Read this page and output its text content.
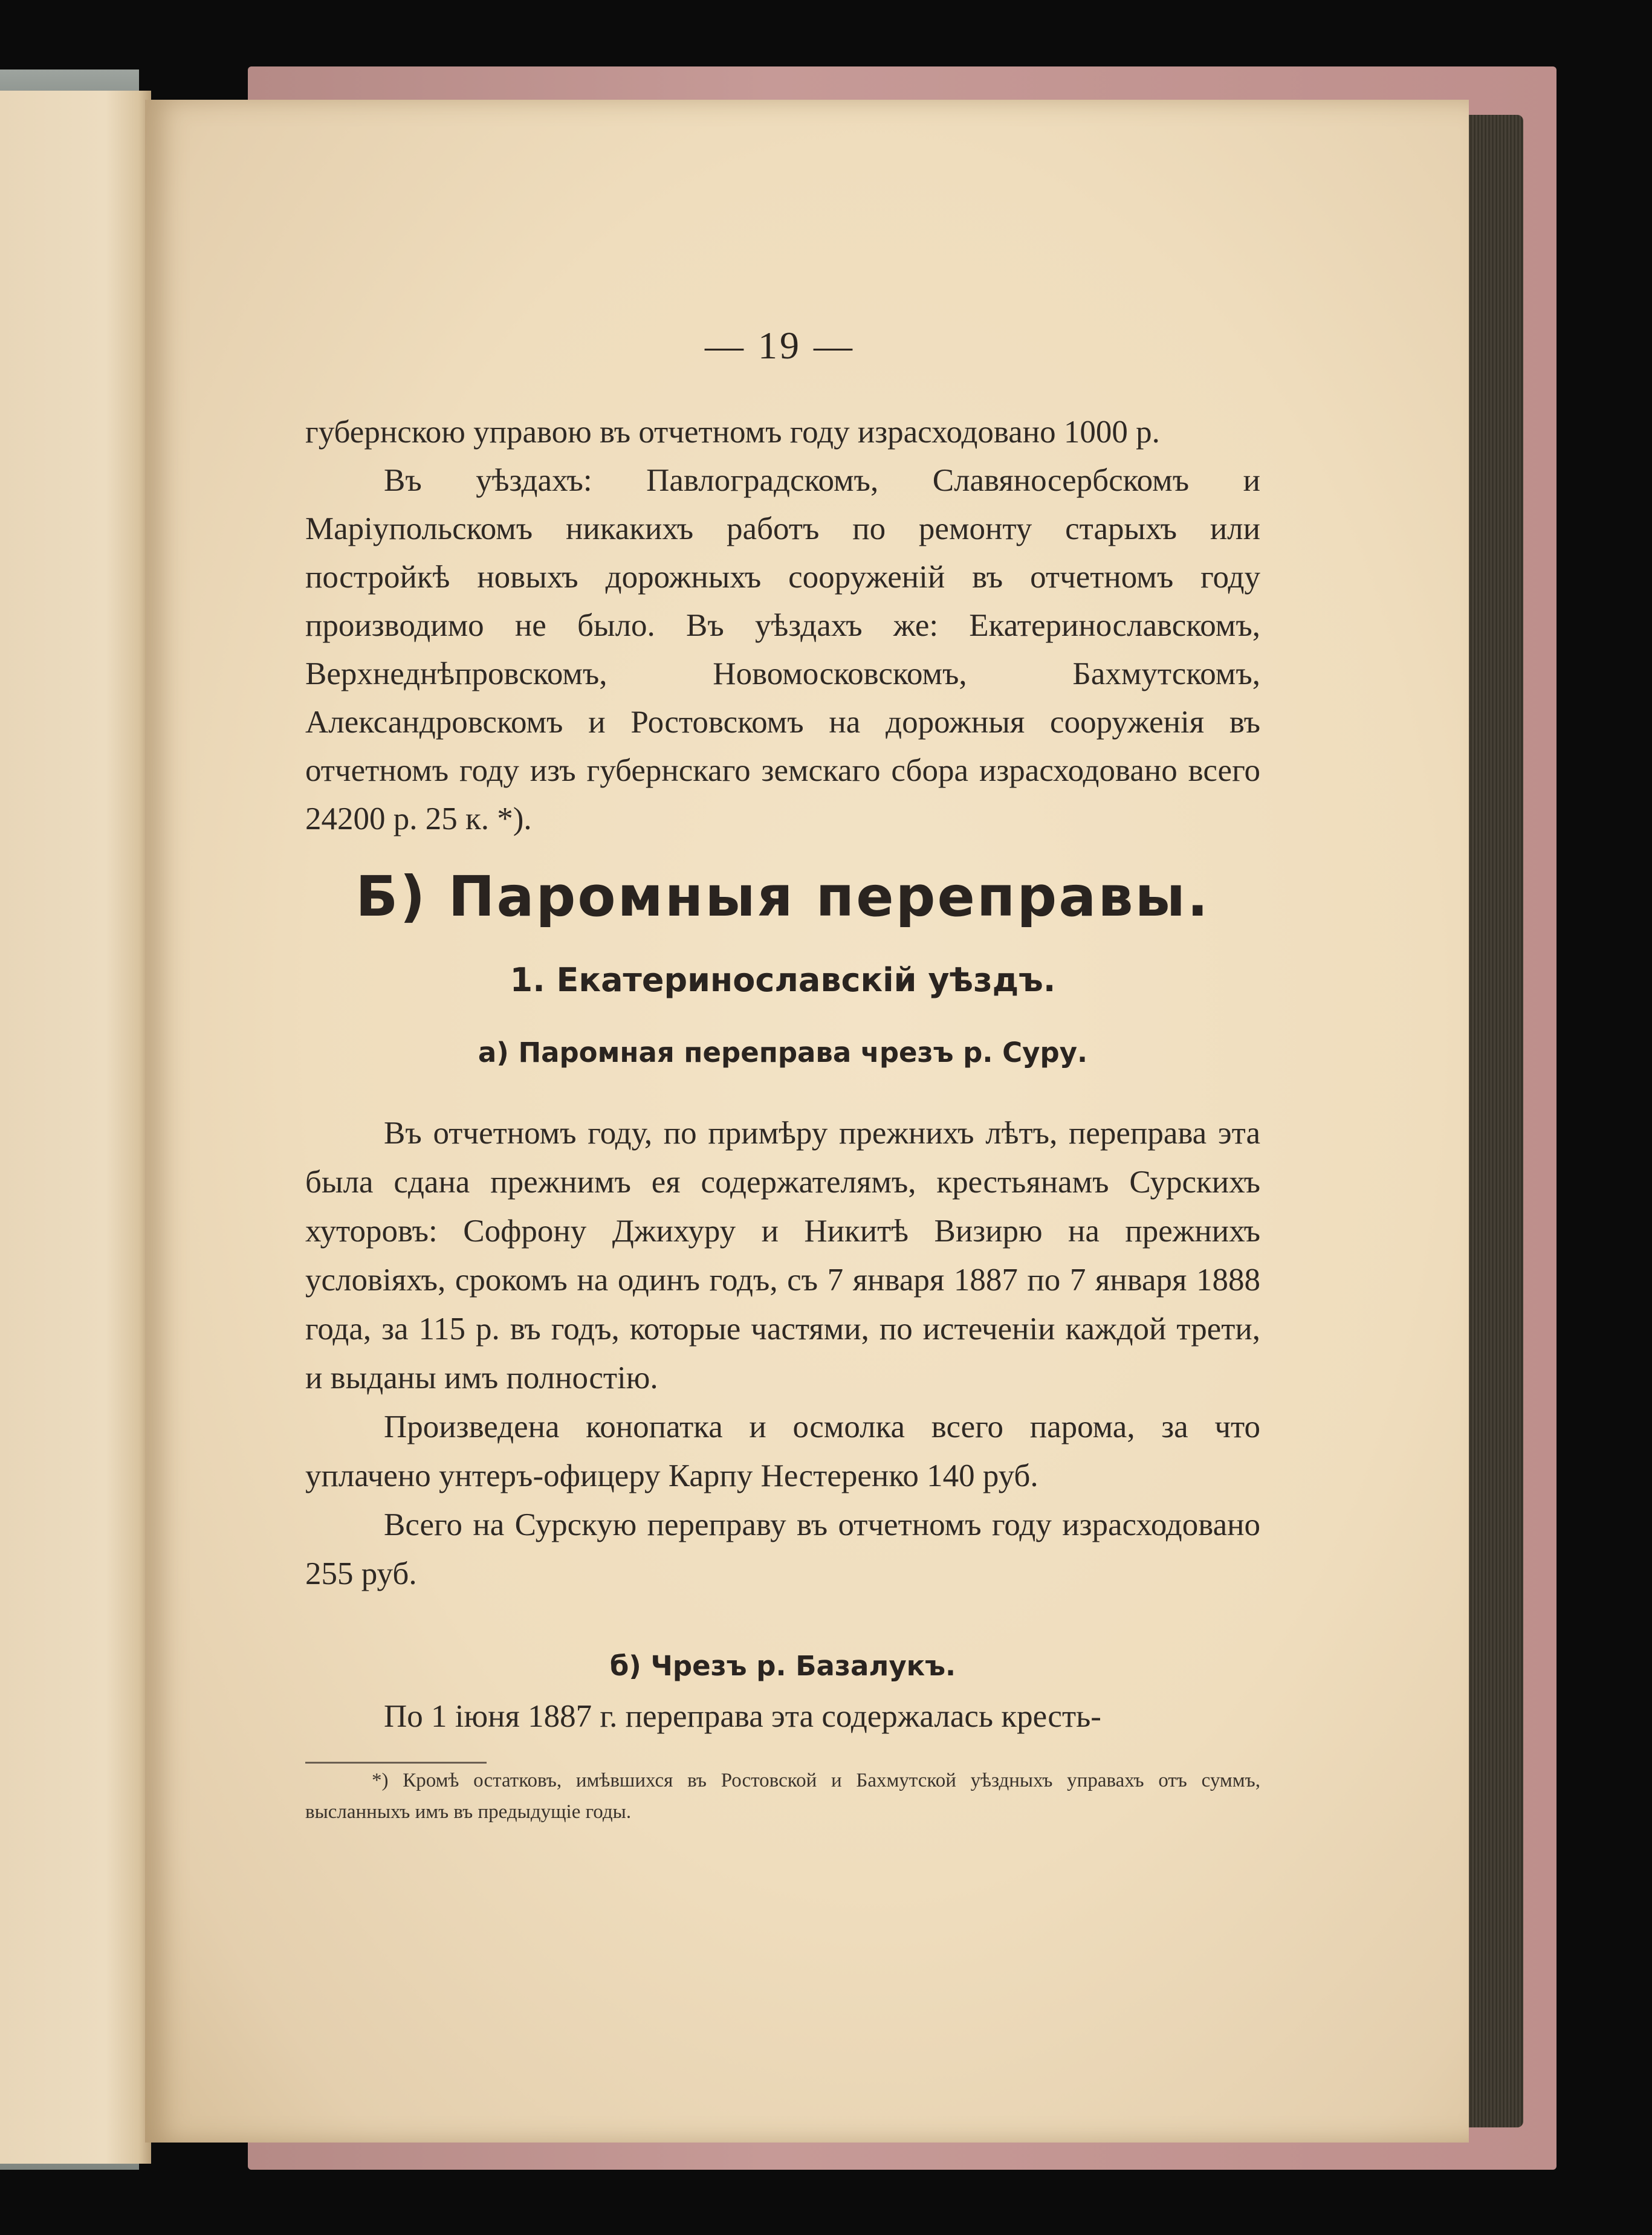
— 19 —

губернскою управою въ отчетномъ году израсходовано 1000 р.

Въ уѣздахъ: Павлоградскомъ, Славяносербскомъ и Маріупольскомъ никакихъ работъ по ремонту старыхъ или постройкѣ новыхъ дорожныхъ сооруженій въ отчетномъ году производимо не было. Въ уѣздахъ же: Екатеринославскомъ, Верхнеднѣпровскомъ, Новомосковскомъ, Бахмутскомъ, Александровскомъ и Ростовскомъ на дорожныя сооруженія въ отчетномъ году изъ губернскаго земскаго сбора израсходовано всего 24200 р. 25 к. *).

Б) Паромныя переправы.
1. Екатеринославскій уѣздъ.
а) Паромная переправа чрезъ р. Суру.

Въ отчетномъ году, по примѣру прежнихъ лѣтъ, переправа эта была сдана прежнимъ ея содержателямъ, крестьянамъ Сурскихъ хуторовъ: Софрону Джихуру и Никитѣ Визирю на прежнихъ условіяхъ, срокомъ на одинъ годъ, съ 7 января 1887 по 7 января 1888 года, за 115 р. въ годъ, которые частями, по истеченіи каждой трети, и выданы имъ полностію.

Произведена конопатка и осмолка всего парома, за что уплачено унтеръ-офицеру Карпу Нестеренко 140 руб.

Всего на Сурскую переправу въ отчетномъ году израсходовано 255 руб.

б) Чрезъ р. Базалукъ.
По 1 іюня 1887 г. переправа эта содержалась кресть-

*) Кромѣ остатковъ, имѣвшихся въ Ростовской и Бахмутской уѣздныхъ управахъ отъ суммъ, высланныхъ имъ въ предыдущіе годы.
